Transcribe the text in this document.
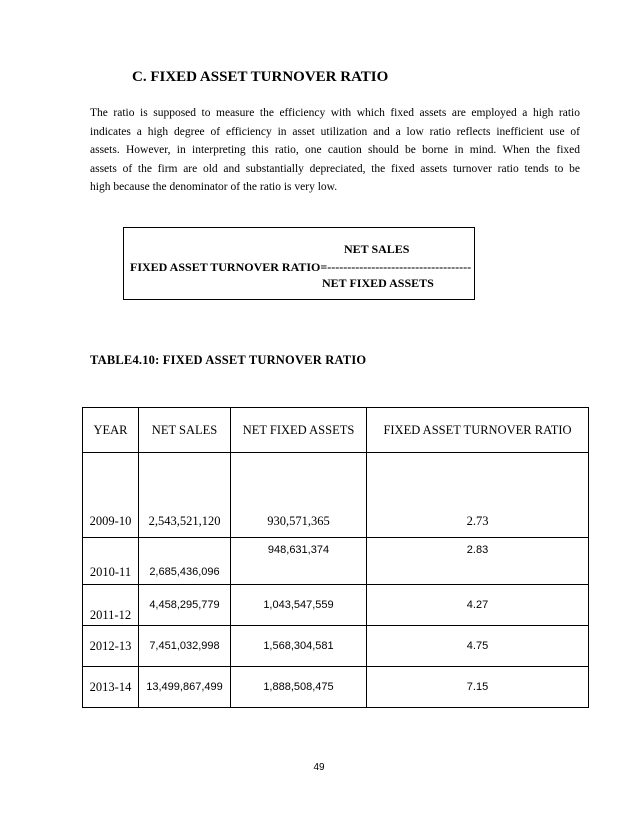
C. FIXED ASSET TURNOVER RATIO
The ratio is supposed to measure the efficiency with which fixed assets are employed a high ratio
indicates a high degree of efficiency in asset utilization and a low ratio reflects inefficient use of
assets. However, in interpreting this ratio, one caution should be borne in mind. When the fixed
assets of the firm are old and substantially depreciated, the fixed assets turnover ratio tends to be
high because the denominator of the ratio is very low.
NET SALES
FIXED ASSET TURNOVER RATIO=------------------------------------
NET FIXED ASSETS
TABLE4.10: FIXED ASSET TURNOVER RATIO
YEAR	NET SALES	NET FIXED ASSETS	FIXED ASSET TURNOVER RATIO
2009-10	2,543,521,120	930,571,365	2.73
2010-11	2,685,436,096	948,631,374	2.83
2011-12	4,458,295,779	1,043,547,559	4.27
2012-13	7,451,032,998	1,568,304,581	4.75
2013-14	13,499,867,499	1,888,508,475	7.15
49
